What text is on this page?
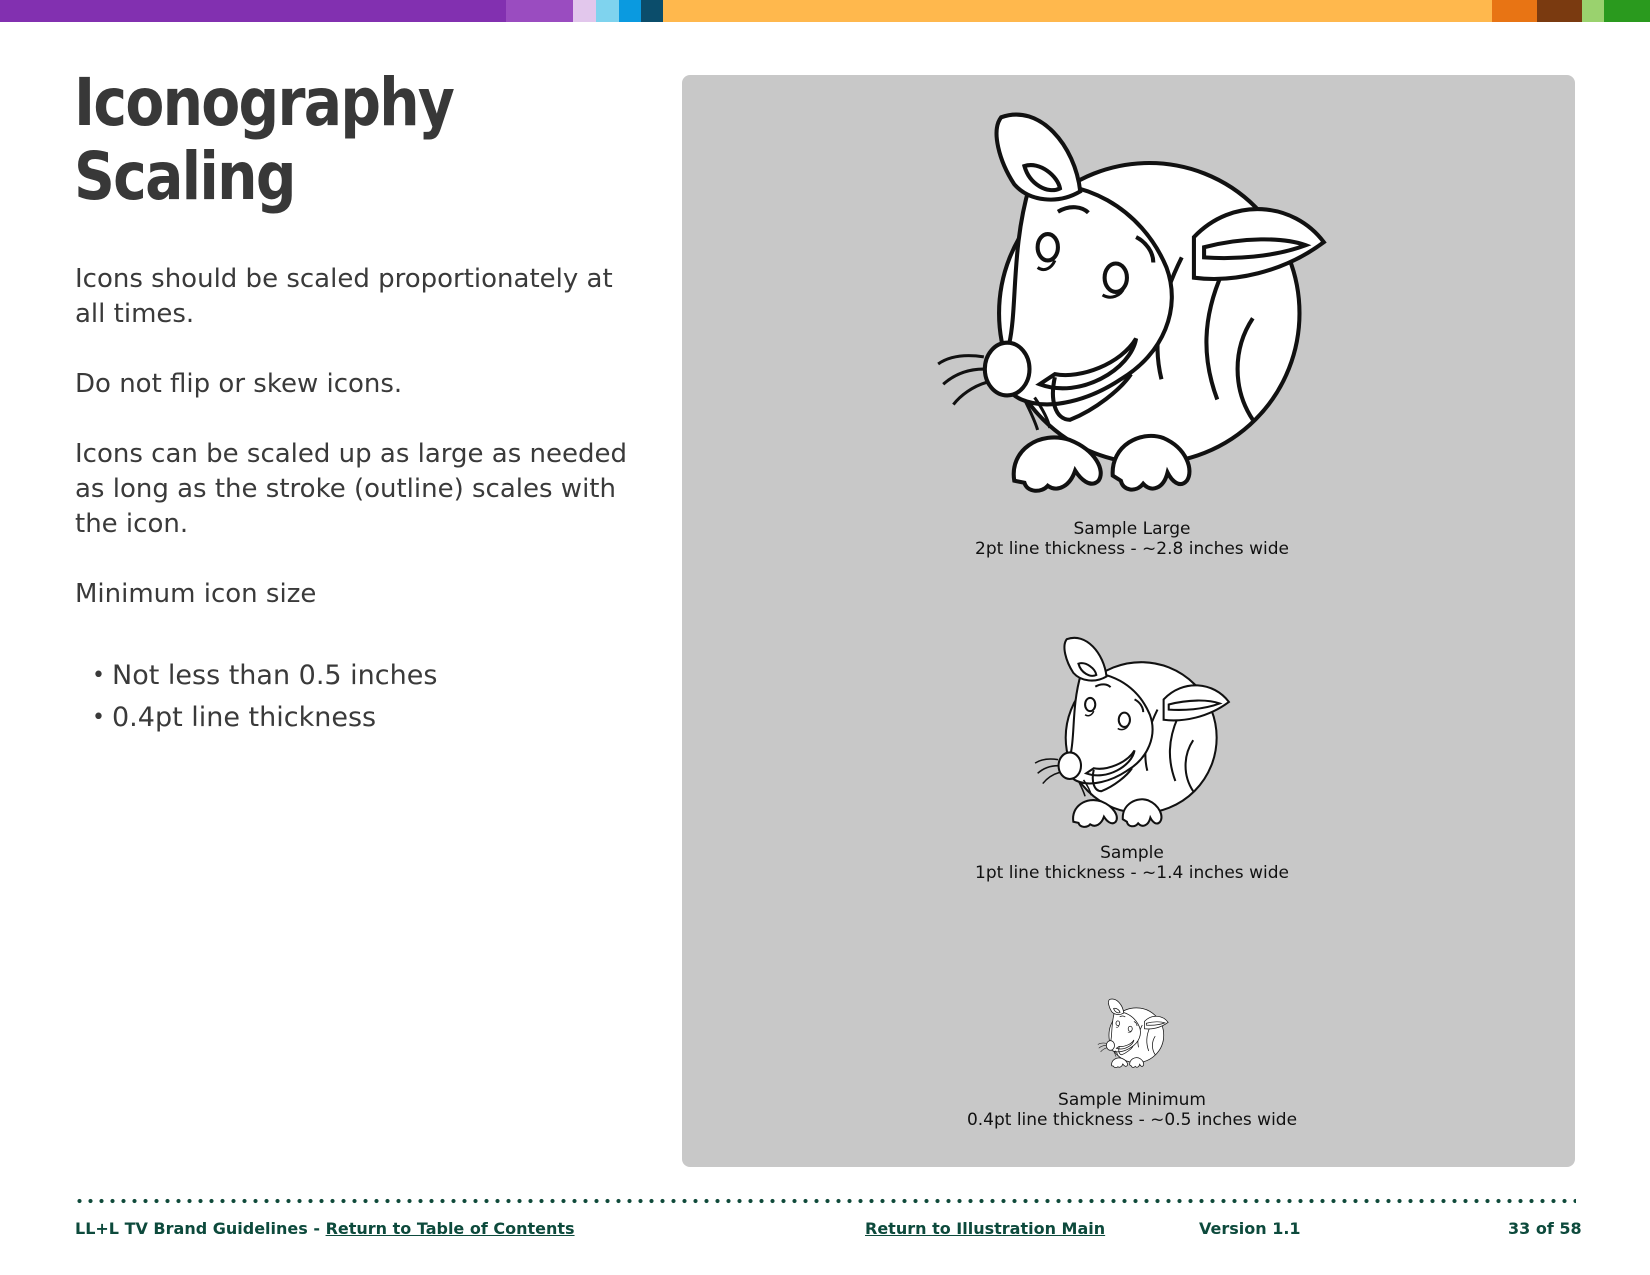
Iconography
Scaling

Icons should be scaled proportionately at all times.

Do not flip or skew icons.

Icons can be scaled up as large as needed as long as the stroke (outline) scales with the icon.

Minimum icon size

• Not less than 0.5 inches
• 0.4pt line thickness
Sample Large
2pt line thickness - ~2.8 inches wide
Sample
1pt line thickness - ~1.4 inches wide
Sample Minimum
0.4pt line thickness - ~0.5 inches wide
LL+L TV Brand Guidelines - Return to Table of Contents	Return to Illustration Main	Version 1.1	33 of 58
